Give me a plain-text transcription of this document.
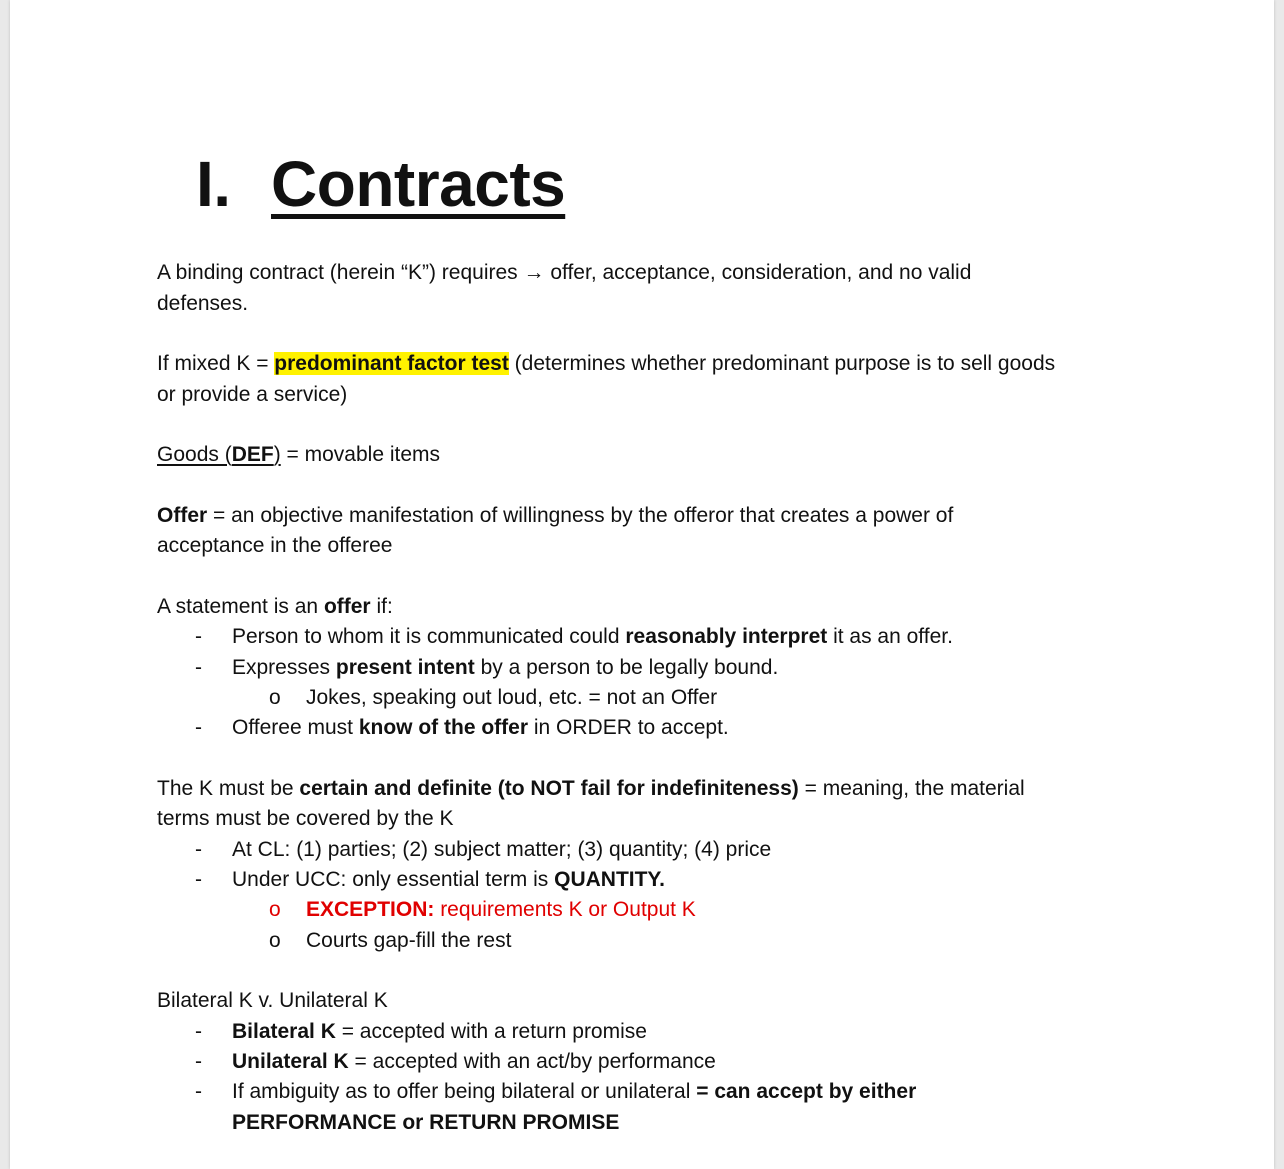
I. Contracts
A binding contract (herein “K”) requires → offer, acceptance, consideration, and no valid
defenses.
If mixed K = predominant factor test (determines whether predominant purpose is to sell goods
or provide a service)
Goods (DEF) = movable items
Offer = an objective manifestation of willingness by the offeror that creates a power of
acceptance in the offeree
A statement is an offer if:
- Person to whom it is communicated could reasonably interpret it as an offer.
- Expresses present intent by a person to be legally bound.
o Jokes, speaking out loud, etc. = not an Offer
- Offeree must know of the offer in ORDER to accept.
The K must be certain and definite (to NOT fail for indefiniteness) = meaning, the material
terms must be covered by the K
- At CL: (1) parties; (2) subject matter; (3) quantity; (4) price
- Under UCC: only essential term is QUANTITY.
o EXCEPTION: requirements K or Output K
o Courts gap-fill the rest
Bilateral K v. Unilateral K
- Bilateral K = accepted with a return promise
- Unilateral K = accepted with an act/by performance
- If ambiguity as to offer being bilateral or unilateral = can accept by either
PERFORMANCE or RETURN PROMISE
